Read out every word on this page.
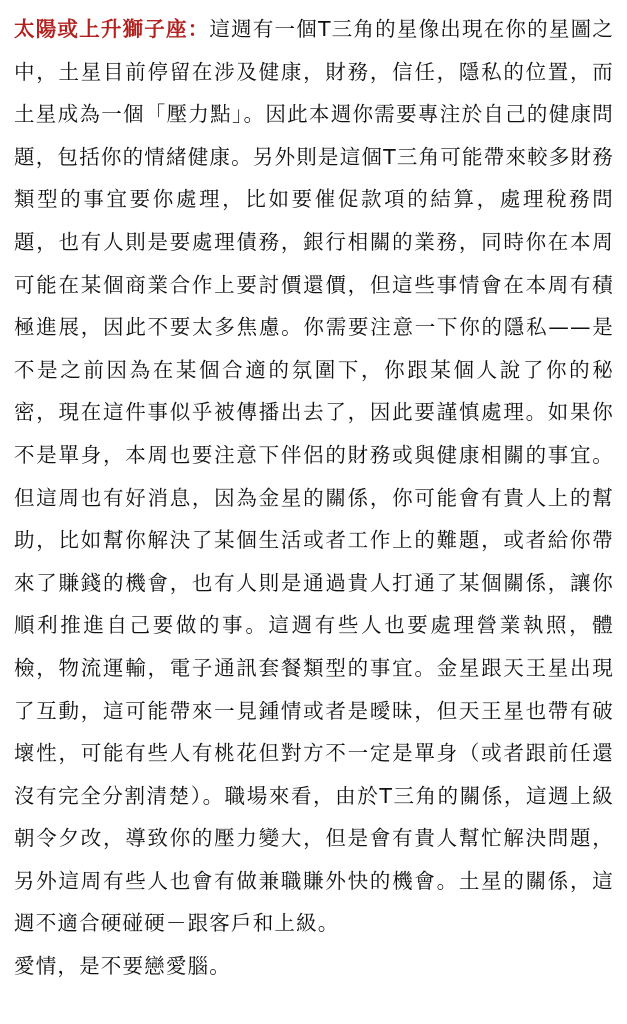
太陽或上升獅子座：這週有一個T三角的星像出現在你的星圖之中，土星目前停留在涉及健康，財務，信任，隱私的位置，而土星成為一個「壓力點」。因此本週你需要專注於自己的健康問題，包括你的情緒健康。另外則是這個T三角可能帶來較多財務類型的事宜要你處理，比如要催促款項的結算，處理稅務問題，也有人則是要處理債務，銀行相關的業務，同時你在本周可能在某個商業合作上要討價還價，但這些事情會在本周有積極進展，因此不要太多焦慮。你需要注意一下你的隱私——是不是之前因為在某個合適的氛圍下，你跟某個人說了你的秘密，現在這件事似乎被傳播出去了，因此要謹慎處理。如果你不是單身，本周也要注意下伴侶的財務或與健康相關的事宜。但這周也有好消息，因為金星的關係，你可能會有貴人上的幫助，比如幫你解決了某個生活或者工作上的難題，或者給你帶來了賺錢的機會，也有人則是通過貴人打通了某個關係，讓你順利推進自己要做的事。這週有些人也要處理營業執照，體檢，物流運輸，電子通訊套餐類型的事宜。金星跟天王星出現了互動，這可能帶來一見鍾情或者是曖昧，但天王星也帶有破壞性，可能有些人有桃花但對方不一定是單身（或者跟前任還沒有完全分割清楚）。職場來看，由於T三角的關係，這週上級朝令夕改，導致你的壓力變大，但是會有貴人幫忙解決問題，另外這周有些人也會有做兼職賺外快的機會。土星的關係，這週不適合硬碰硬－跟客戶和上級。

愛情，是不要戀愛腦。
